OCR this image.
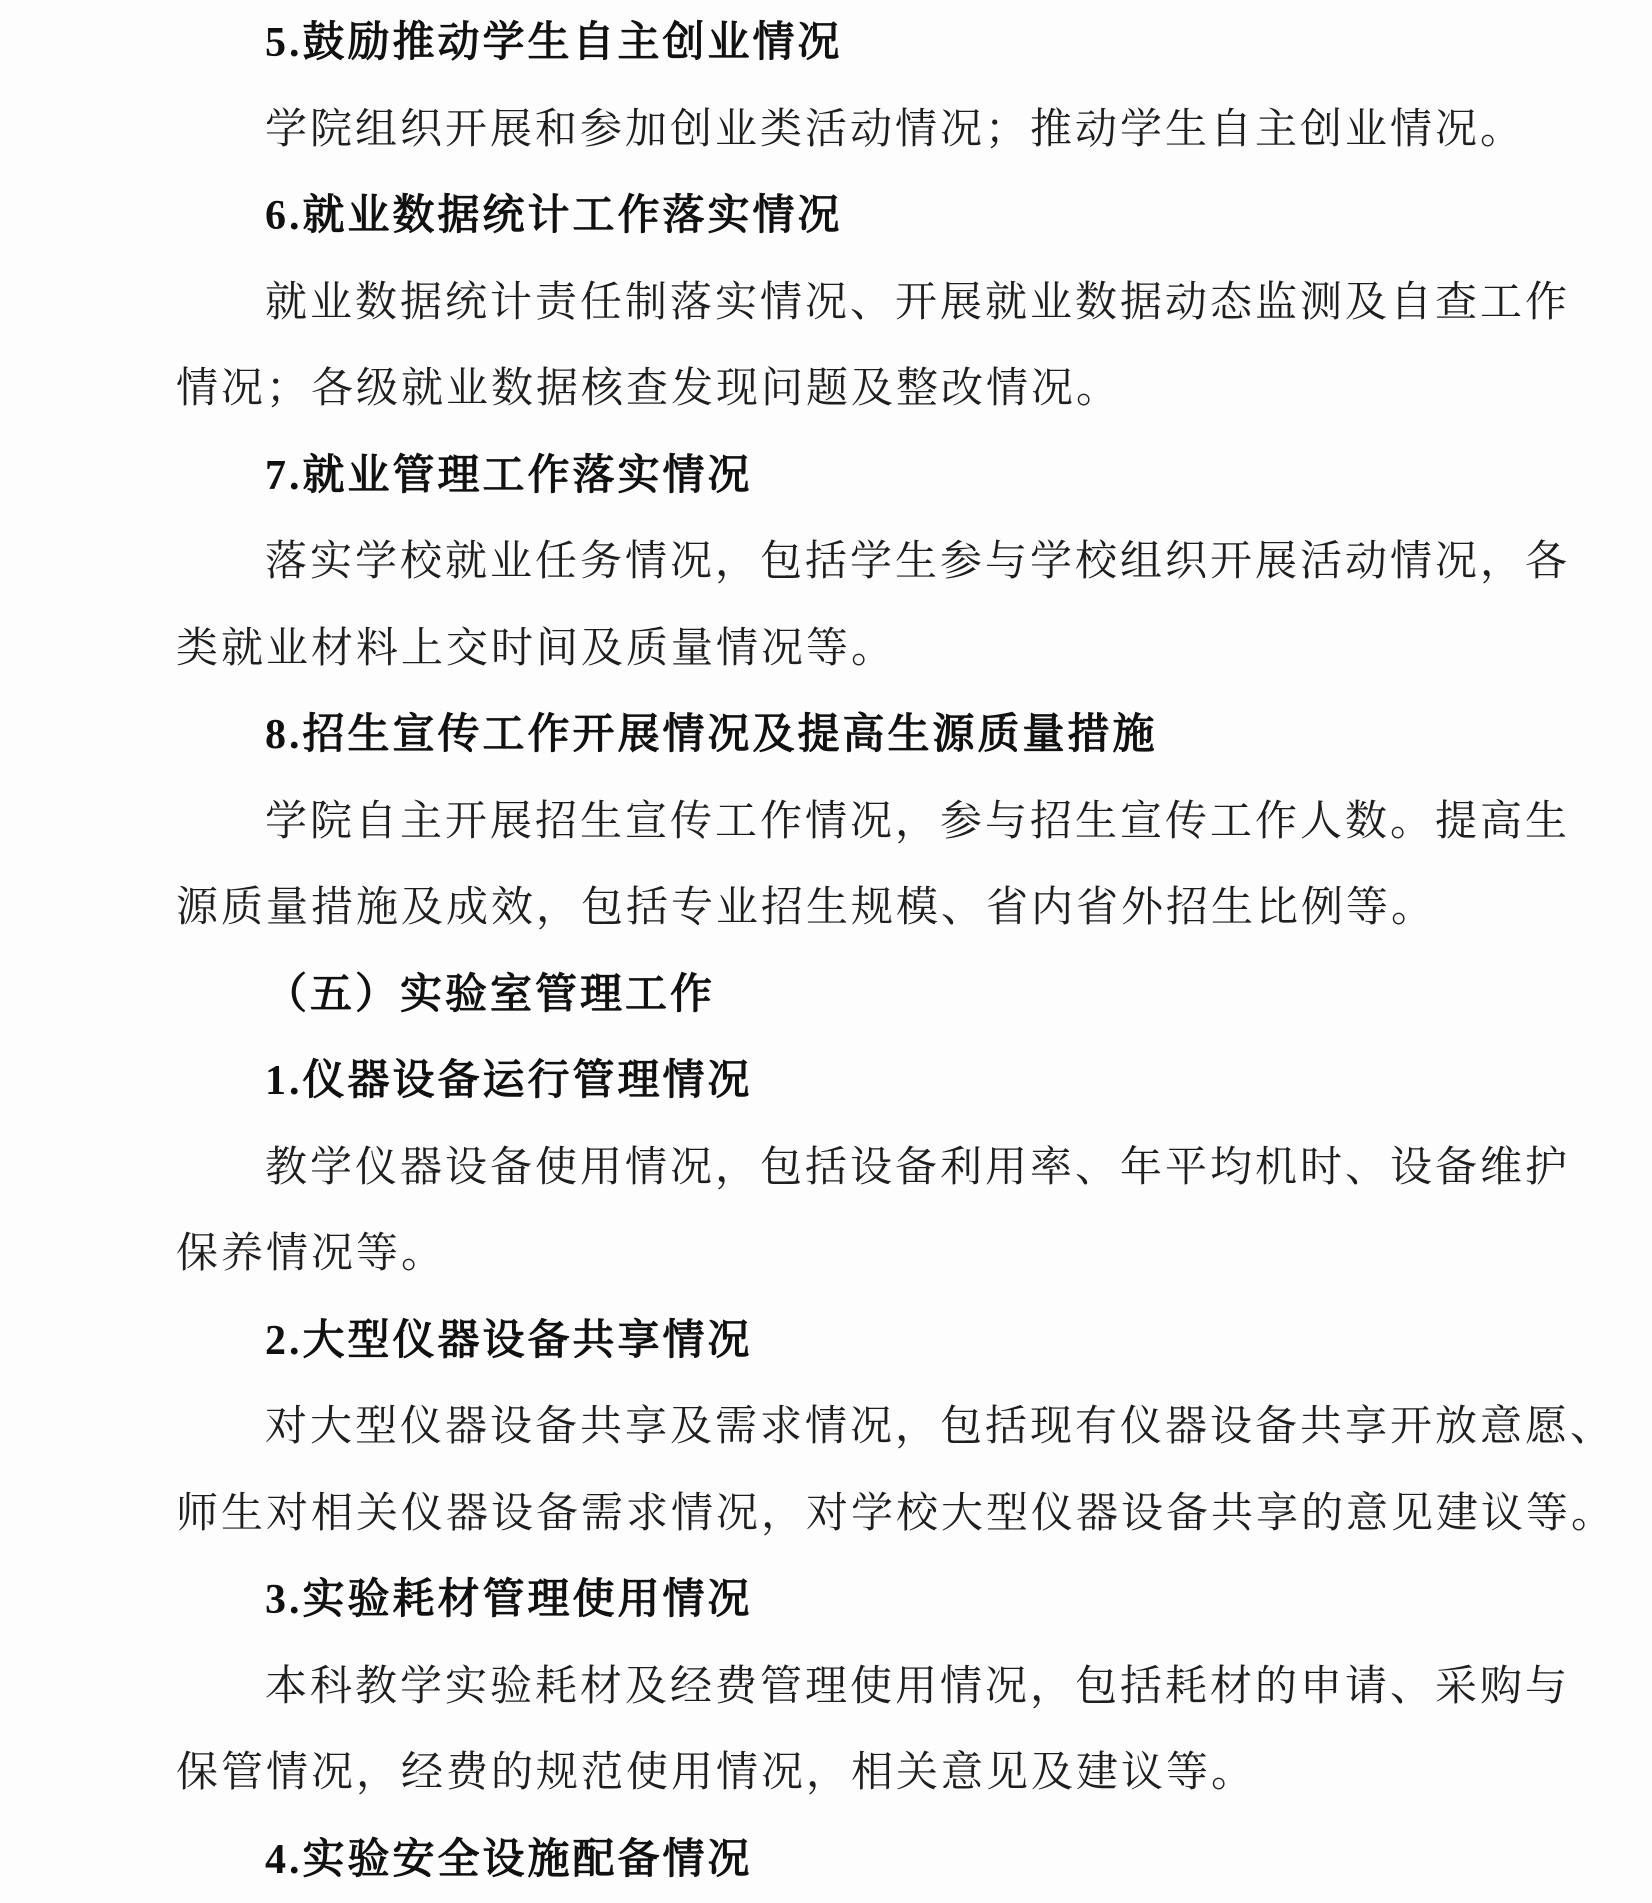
5.鼓励推动学生自主创业情况
学院组织开展和参加创业类活动情况；推动学生自主创业情况。
6.就业数据统计工作落实情况
就业数据统计责任制落实情况、开展就业数据动态监测及自查工作
情况；各级就业数据核查发现问题及整改情况。
7.就业管理工作落实情况
落实学校就业任务情况，包括学生参与学校组织开展活动情况，各
类就业材料上交时间及质量情况等。
8.招生宣传工作开展情况及提高生源质量措施
学院自主开展招生宣传工作情况，参与招生宣传工作人数。提高生
源质量措施及成效，包括专业招生规模、省内省外招生比例等。
（五）实验室管理工作
1.仪器设备运行管理情况
教学仪器设备使用情况，包括设备利用率、年平均机时、设备维护
保养情况等。
2.大型仪器设备共享情况
对大型仪器设备共享及需求情况，包括现有仪器设备共享开放意愿、
师生对相关仪器设备需求情况，对学校大型仪器设备共享的意见建议等。
3.实验耗材管理使用情况
本科教学实验耗材及经费管理使用情况，包括耗材的申请、采购与
保管情况，经费的规范使用情况，相关意见及建议等。
4.实验安全设施配备情况
